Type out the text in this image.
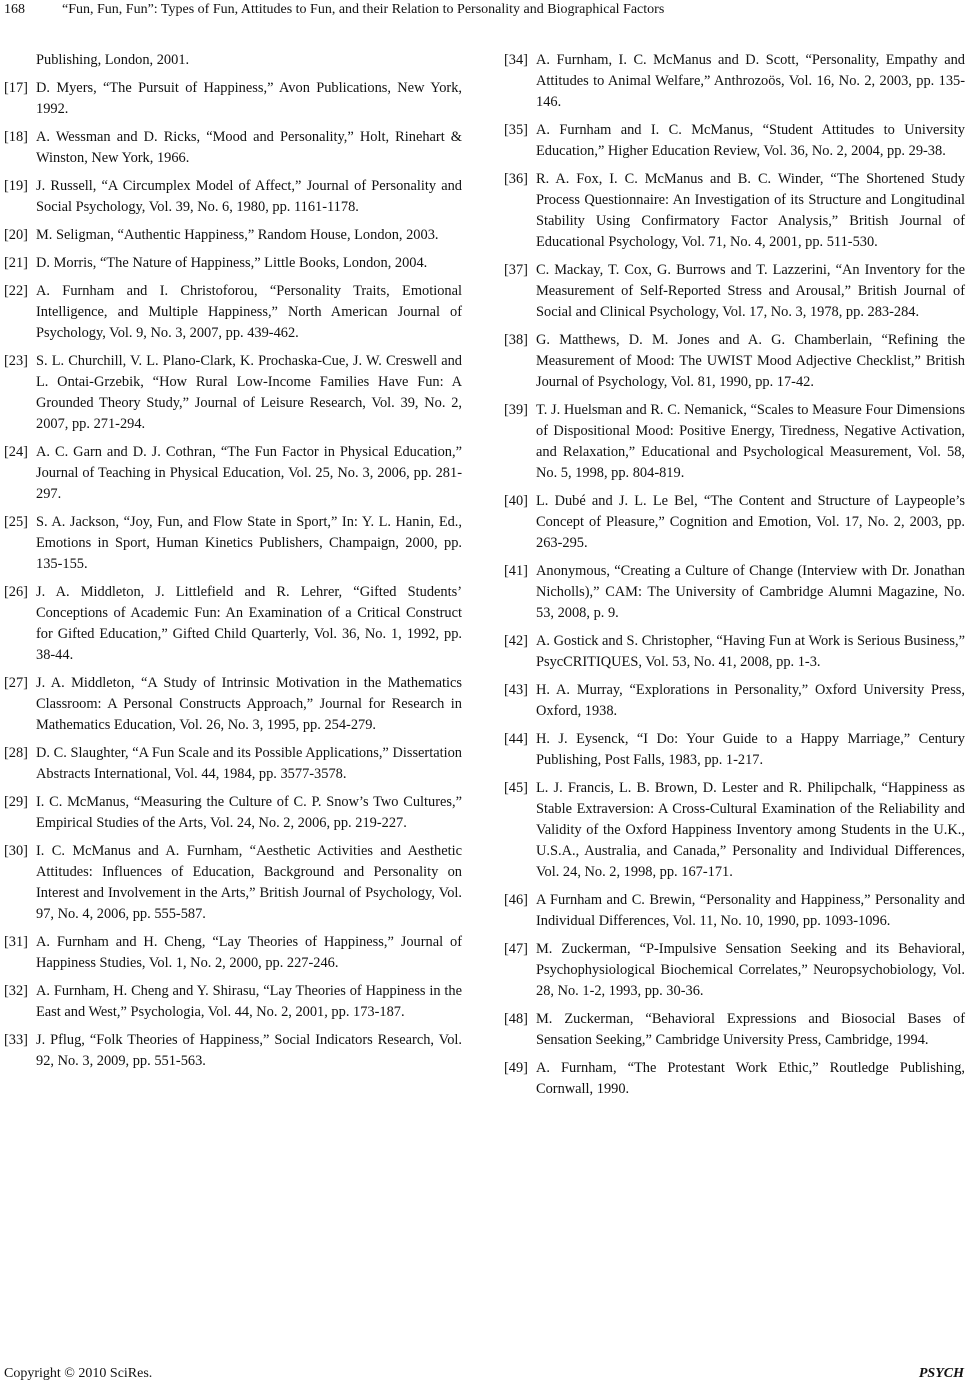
168	“Fun, Fun, Fun”: Types of Fun, Attitudes to Fun, and their Relation to Personality and Biographical Factors
Publishing, London, 2001.
[17] D. Myers, “The Pursuit of Happiness,” Avon Publications, New York, 1992.
[18] A. Wessman and D. Ricks, “Mood and Personality,” Holt, Rinehart & Winston, New York, 1966.
[19] J. Russell, “A Circumplex Model of Affect,” Journal of Personality and Social Psychology, Vol. 39, No. 6, 1980, pp. 1161-1178.
[20] M. Seligman, “Authentic Happiness,” Random House, London, 2003.
[21] D. Morris, “The Nature of Happiness,” Little Books, London, 2004.
[22] A. Furnham and I. Christoforou, “Personality Traits, Emotional Intelligence, and Multiple Happiness,” North American Journal of Psychology, Vol. 9, No. 3, 2007, pp. 439-462.
[23] S. L. Churchill, V. L. Plano-Clark, K. Prochaska-Cue, J. W. Creswell and L. Ontai-Grzebik, “How Rural Low-Income Families Have Fun: A Grounded Theory Study,” Journal of Leisure Research, Vol. 39, No. 2, 2007, pp. 271-294.
[24] A. C. Garn and D. J. Cothran, “The Fun Factor in Physical Education,” Journal of Teaching in Physical Education, Vol. 25, No. 3, 2006, pp. 281-297.
[25] S. A. Jackson, “Joy, Fun, and Flow State in Sport,” In: Y. L. Hanin, Ed., Emotions in Sport, Human Kinetics Publishers, Champaign, 2000, pp. 135-155.
[26] J. A. Middleton, J. Littlefield and R. Lehrer, “Gifted Students’ Conceptions of Academic Fun: An Examination of a Critical Construct for Gifted Education,” Gifted Child Quarterly, Vol. 36, No. 1, 1992, pp. 38-44.
[27] J. A. Middleton, “A Study of Intrinsic Motivation in the Mathematics Classroom: A Personal Constructs Approach,” Journal for Research in Mathematics Education, Vol. 26, No. 3, 1995, pp. 254-279.
[28] D. C. Slaughter, “A Fun Scale and its Possible Applications,” Dissertation Abstracts International, Vol. 44, 1984, pp. 3577-3578.
[29] I. C. McManus, “Measuring the Culture of C. P. Snow’s Two Cultures,” Empirical Studies of the Arts, Vol. 24, No. 2, 2006, pp. 219-227.
[30] I. C. McManus and A. Furnham, “Aesthetic Activities and Aesthetic Attitudes: Influences of Education, Background and Personality on Interest and Involvement in the Arts,” British Journal of Psychology, Vol. 97, No. 4, 2006, pp. 555-587.
[31] A. Furnham and H. Cheng, “Lay Theories of Happiness,” Journal of Happiness Studies, Vol. 1, No. 2, 2000, pp. 227-246.
[32] A. Furnham, H. Cheng and Y. Shirasu, “Lay Theories of Happiness in the East and West,” Psychologia, Vol. 44, No. 2, 2001, pp. 173-187.
[33] J. Pflug, “Folk Theories of Happiness,” Social Indicators Research, Vol. 92, No. 3, 2009, pp. 551-563.
[34] A. Furnham, I. C. McManus and D. Scott, “Personality, Empathy and Attitudes to Animal Welfare,” Anthrozoös, Vol. 16, No. 2, 2003, pp. 135-146.
[35] A. Furnham and I. C. McManus, “Student Attitudes to University Education,” Higher Education Review, Vol. 36, No. 2, 2004, pp. 29-38.
[36] R. A. Fox, I. C. McManus and B. C. Winder, “The Shortened Study Process Questionnaire: An Investigation of its Structure and Longitudinal Stability Using Confirmatory Factor Analysis,” British Journal of Educational Psychology, Vol. 71, No. 4, 2001, pp. 511-530.
[37] C. Mackay, T. Cox, G. Burrows and T. Lazzerini, “An Inventory for the Measurement of Self-Reported Stress and Arousal,” British Journal of Social and Clinical Psychology, Vol. 17, No. 3, 1978, pp. 283-284.
[38] G. Matthews, D. M. Jones and A. G. Chamberlain, “Refining the Measurement of Mood: The UWIST Mood Adjective Checklist,” British Journal of Psychology, Vol. 81, 1990, pp. 17-42.
[39] T. J. Huelsman and R. C. Nemanick, “Scales to Measure Four Dimensions of Dispositional Mood: Positive Energy, Tiredness, Negative Activation, and Relaxation,” Educational and Psychological Measurement, Vol. 58, No. 5, 1998, pp. 804-819.
[40] L. Dubé and J. L. Le Bel, “The Content and Structure of Laypeople’s Concept of Pleasure,” Cognition and Emotion, Vol. 17, No. 2, 2003, pp. 263-295.
[41] Anonymous, “Creating a Culture of Change (Interview with Dr. Jonathan Nicholls),” CAM: The University of Cambridge Alumni Magazine, No. 53, 2008, p. 9.
[42] A. Gostick and S. Christopher, “Having Fun at Work is Serious Business,” PsycCRITIQUES, Vol. 53, No. 41, 2008, pp. 1-3.
[43] H. A. Murray, “Explorations in Personality,” Oxford University Press, Oxford, 1938.
[44] H. J. Eysenck, “I Do: Your Guide to a Happy Marriage,” Century Publishing, Post Falls, 1983, pp. 1-217.
[45] L. J. Francis, L. B. Brown, D. Lester and R. Philipchalk, “Happiness as Stable Extraversion: A Cross-Cultural Examination of the Reliability and Validity of the Oxford Happiness Inventory among Students in the U.K., U.S.A., Australia, and Canada,” Personality and Individual Differences, Vol. 24, No. 2, 1998, pp. 167-171.
[46] A Furnham and C. Brewin, “Personality and Happiness,” Personality and Individual Differences, Vol. 11, No. 10, 1990, pp. 1093-1096.
[47] M. Zuckerman, “P-Impulsive Sensation Seeking and its Behavioral, Psychophysiological Biochemical Correlates,” Neuropsychobiology, Vol. 28, No. 1-2, 1993, pp. 30-36.
[48] M. Zuckerman, “Behavioral Expressions and Biosocial Bases of Sensation Seeking,” Cambridge University Press, Cambridge, 1994.
[49] A. Furnham, “The Protestant Work Ethic,” Routledge Publishing, Cornwall, 1990.
Copyright © 2010 SciRes.	PSYCH
